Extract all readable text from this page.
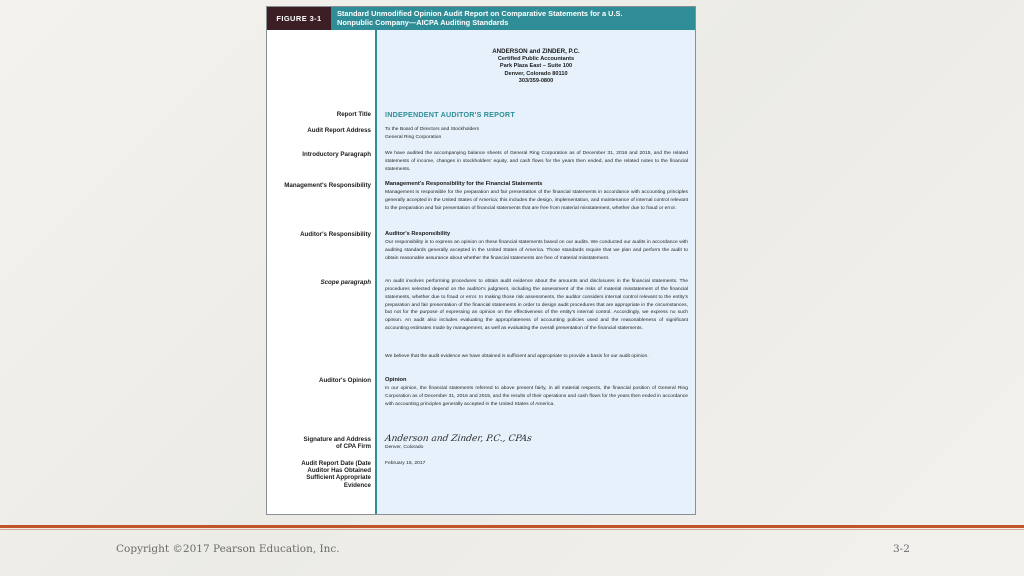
FIGURE 3-1
Standard Unmodified Opinion Audit Report on Comparative Statements for a U.S.
Nonpublic Company—AICPA Auditing Standards
ANDERSON and ZINDER, P.C.
Certified Public Accountants
Park Plaza East – Suite 100
Denver, Colorado 80110
303/359-0800
Report Title
Audit Report Address
Introductory Paragraph
Management's Responsibility
Auditor's Responsibility
Scope paragraph
Auditor's Opinion
Signature and Address
of CPA Firm
Audit Report Date (Date
Auditor Has Obtained
Sufficient Appropriate
Evidence
INDEPENDENT AUDITOR'S REPORT
To the Board of Directors and Stockholders
General Ring Corporation
We have audited the accompanying balance sheets of General Ring Corporation as of December 31, 2016 and 2015, and the related statements of income, changes in stockholders' equity, and cash flows for the years then ended, and the related notes to the financial statements.
Management's Responsibility for the Financial Statements
Management is responsible for the preparation and fair presentation of the financial statements in accordance with accounting principles generally accepted in the United States of America; this includes the design, implementation, and maintenance of internal control relevant to the preparation and fair presentation of financial statements that are free from material misstatement, whether due to fraud or error.
Auditor's Responsibility
Our responsibility is to express an opinion on these financial statements based on our audits. We conducted our audits in accordance with auditing standards generally accepted in the United States of America. Those standards require that we plan and perform the audit to obtain reasonable assurance about whether the financial statements are free of material misstatement.
An audit involves performing procedures to obtain audit evidence about the amounts and disclosures in the financial statements. The procedures selected depend on the auditor's judgment, including the assessment of the risks of material misstatement of the financial statements, whether due to fraud or error. In making those risk assessments, the auditor considers internal control relevant to the entity's preparation and fair presentation of the financial statements in order to design audit procedures that are appropriate in the circumstances, but not for the purpose of expressing an opinion on the effectiveness of the entity's internal control. Accordingly, we express no such opinion. An audit also includes evaluating the appropriateness of accounting policies used and the reasonableness of significant accounting estimates made by management, as well as evaluating the overall presentation of the financial statements.
We believe that the audit evidence we have obtained is sufficient and appropriate to provide a basis for our audit opinion.
Opinion
In our opinion, the financial statements referred to above present fairly, in all material respects, the financial position of General Ring Corporation as of December 31, 2016 and 2015, and the results of their operations and cash flows for the years then ended in accordance with accounting principles generally accepted in the United States of America.
Anderson and Zinder, P.C., CPAs
Denver, Colorado
February 15, 2017
Copyright ©2017 Pearson Education, Inc.	3-2
